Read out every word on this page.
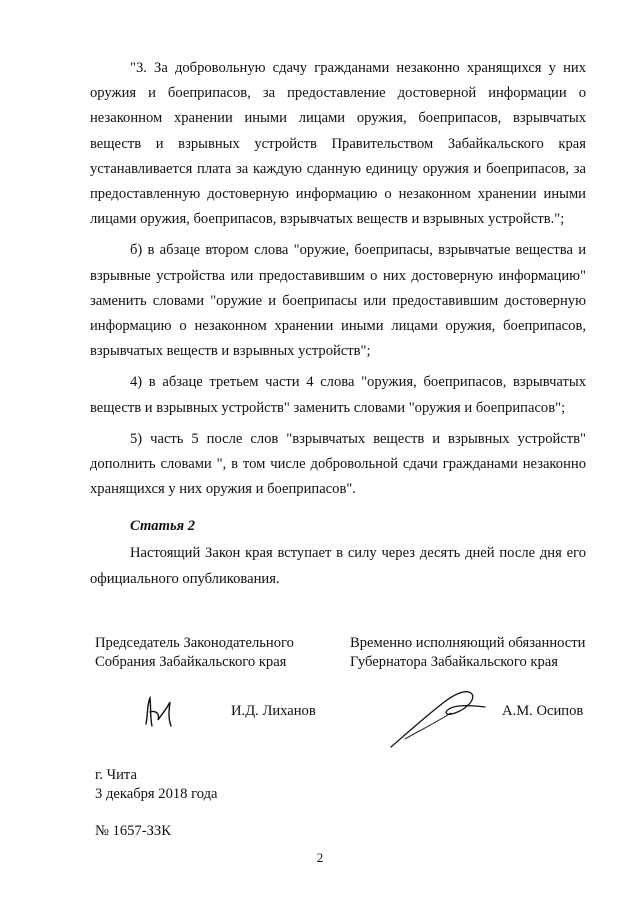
"3. За добровольную сдачу гражданами незаконно хранящихся у них оружия и боеприпасов, за предоставление достоверной информации о незаконном хранении иными лицами оружия, боеприпасов, взрывчатых веществ и взрывных устройств Правительством Забайкальского края устанавливается плата за каждую сданную единицу оружия и боеприпасов, за предоставленную достоверную информацию о незаконном хранении иными лицами оружия, боеприпасов, взрывчатых веществ и взрывных устройств.";

б) в абзаце втором слова "оружие, боеприпасы, взрывчатые вещества и взрывные устройства или предоставившим о них достоверную информацию" заменить словами "оружие и боеприпасы или предоставившим достоверную информацию о незаконном хранении иными лицами оружия, боеприпасов, взрывчатых веществ и взрывных устройств";

4) в абзаце третьем части 4 слова "оружия, боеприпасов, взрывчатых веществ и взрывных устройств" заменить словами "оружия и боеприпасов";

5) часть 5 после слов "взрывчатых веществ и взрывных устройств" дополнить словами ", в том числе добровольной сдачи гражданами незаконно хранящихся у них оружия и боеприпасов".

Статья 2

Настоящий Закон края вступает в силу через десять дней после дня его официального опубликования.

Председатель Законодательного
Собрания Забайкальского края
Временно исполняющий обязанности
Губернатора Забайкальского края
И.Д. Лиханов	А.М. Осипов
г. Чита
3 декабря 2018 года
№ 1657-ЗЗК
2
